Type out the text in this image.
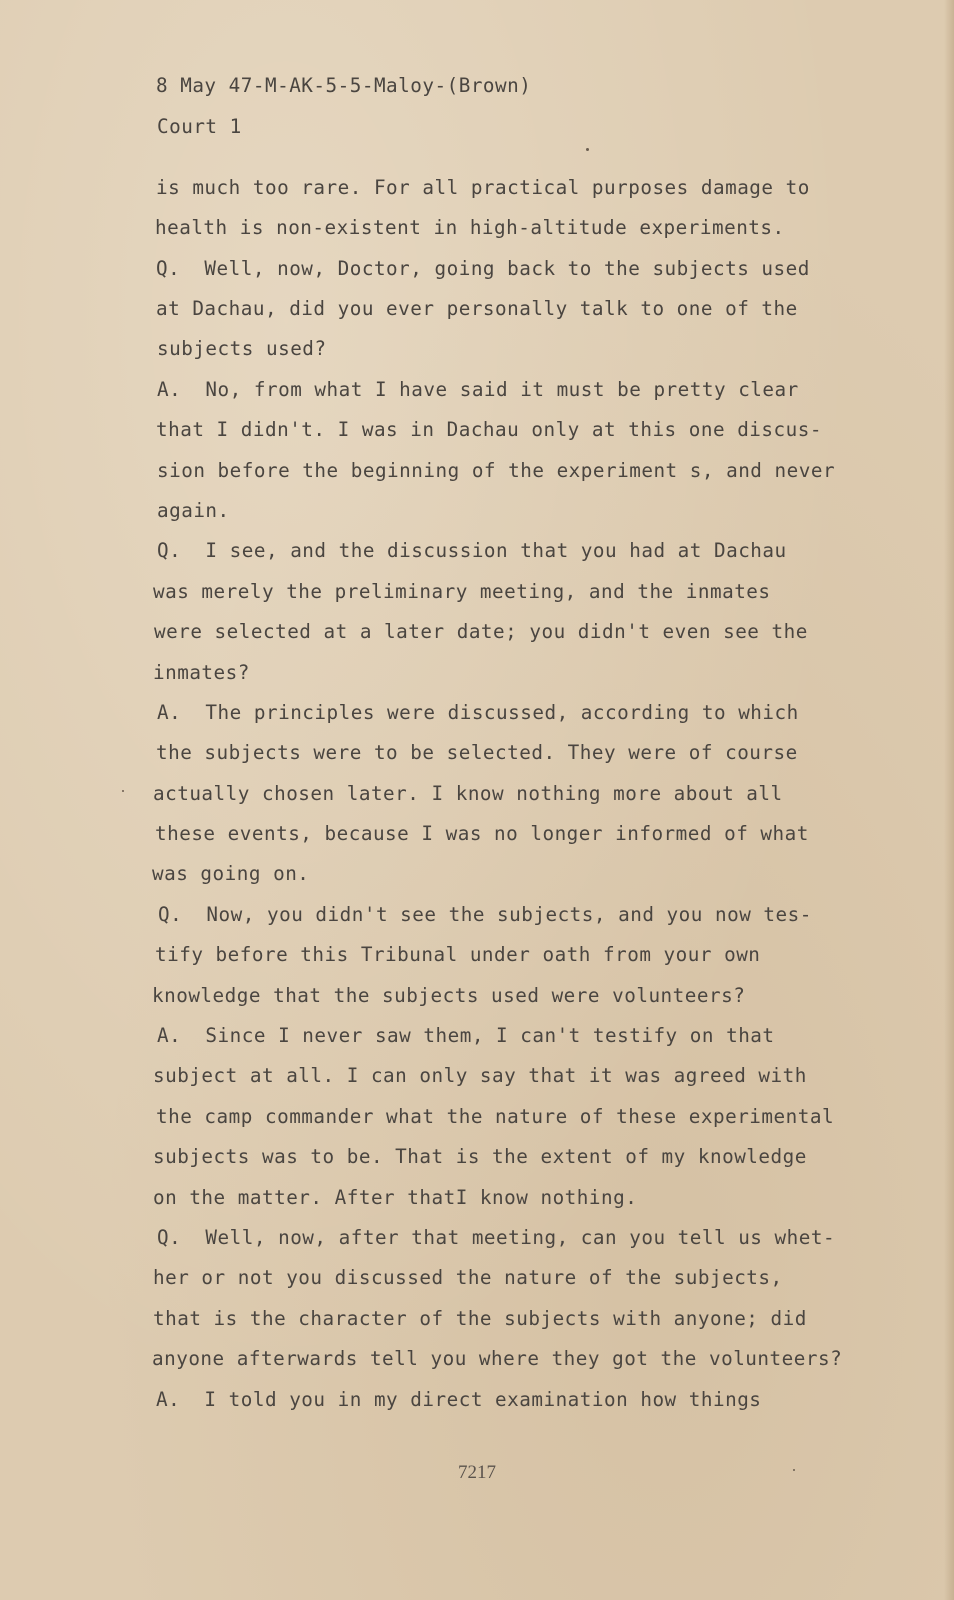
8 May 47-M-AK-5-5-Maloy-(Brown)

Court 1

is much too rare. For all practical purposes damage to

health is non-existent in high-altitude experiments.

Q.  Well, now, Doctor, going back to the subjects used

at Dachau, did you ever personally talk to one of the

subjects used?

A.  No, from what I have said it must be pretty clear

that I didn't. I was in Dachau only at this one discus-

sion before the beginning of the experiment s, and never

again.

Q.  I see, and the discussion that you had at Dachau

was merely the preliminary meeting, and the inmates

were selected at a later date; you didn't even see the

inmates?

A.  The principles were discussed, according to which

the subjects were to be selected. They were of course

actually chosen later. I know nothing more about all

these events, because I was no longer informed of what

was going on.

Q.  Now, you didn't see the subjects, and you now tes-

tify before this Tribunal under oath from your own

knowledge that the subjects used were volunteers?

A.  Since I never saw them, I can't testify on that

subject at all. I can only say that it was agreed with

the camp commander what the nature of these experimental

subjects was to be. That is the extent of my knowledge

on the matter. After thatI know nothing.

Q.  Well, now, after that meeting, can you tell us whet-

her or not you discussed the nature of the subjects,

that is the character of the subjects with anyone; did

anyone afterwards tell you where they got the volunteers?

A.  I told you in my direct examination how things

7217
